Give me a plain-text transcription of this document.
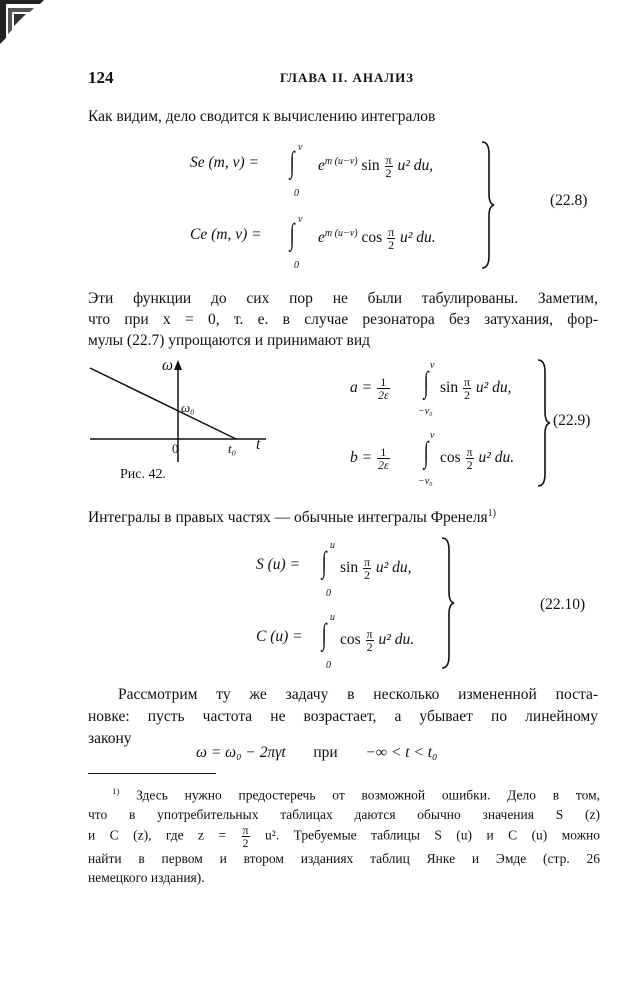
124	ГЛАВА II. АНАЛИЗ
Как видим, дело сводится к вычислению интегралов
Se (m, v) = ∫ v
0
$e^{m (u-v)}$ $\sin \frac{\pi}{2} u^2$ du,
Ce (m, v) = ∫ v
0
$e^{m (u-v)}$ $\cos \frac{\pi}{2} u^2$ du.
(22.8)
Эти функции до сих пор не были табулированы. Заметим,
что при x = 0, т. е. в случае резонатора без затухания, фор-
мулы (22.7) упрощаются и принимают вид
ω
ω₀
0	t₀ t
Рис. 42.
$a = \frac{1}{2\varepsilon}$ ∫
v
−v₀
$\sin \frac{\pi}{2} u^2$ du,
$b = \frac{1}{2\varepsilon}$ ∫
v
−v₀
$\cos \frac{\pi}{2} u^2$ du.
(22.9)
Интегралы в правых частях — обычные интегралы Френеля$^{1)}$
S (u) = ∫
u
0
$\sin \frac{\pi}{2} u^2$ du,
C (u) = ∫
u
0
$\cos \frac{\pi}{2} u^2$ du.
(22.10)
Рассмотрим ту же задачу в несколько измененной поста-
новке: пусть частота не возрастает, а убывает по линейному
закону
ω = ω₀ − 2πγt при −∞ < t < t₀
$^{1)}$ Здесь нужно предостеречь от возможной ошибки. Дело в том,
что в употребительных таблицах даются обычно значения S (z)
и C (z), где $z = \frac{\pi}{2} u^2$. Требуемые таблицы S (u) и C (u) можно
найти в первом и втором изданиях таблиц Янке и Эмде (стр. 26
немецкого издания).
